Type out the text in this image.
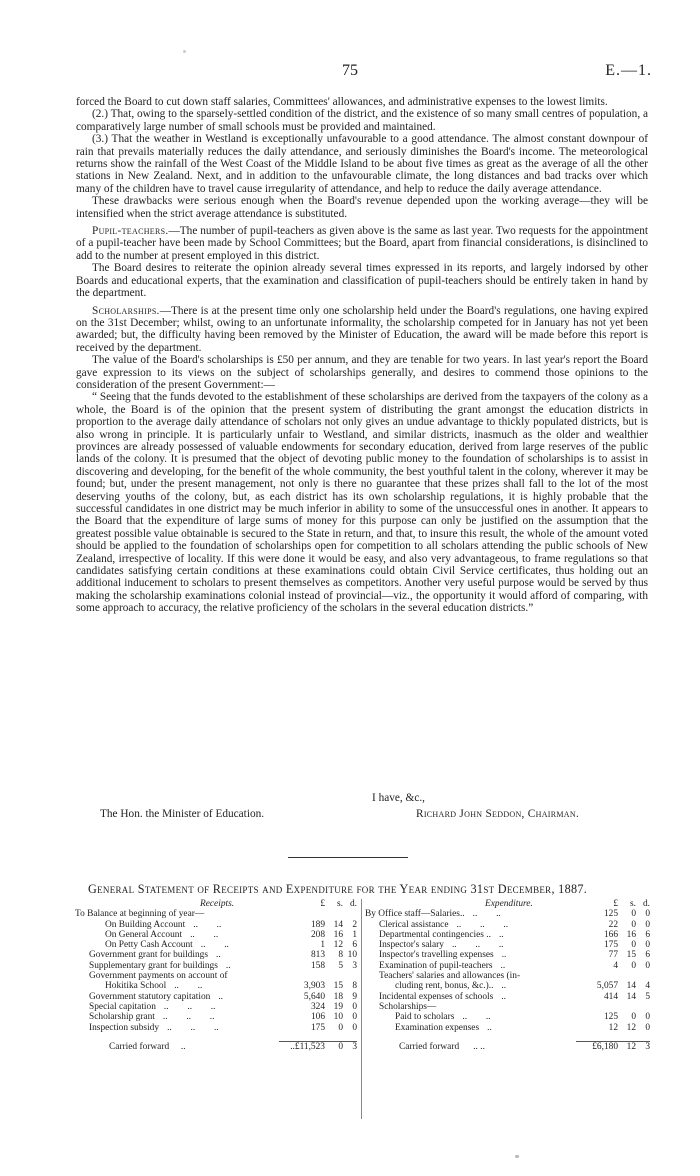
75	E.—1.

forced the Board to cut down staff salaries, Committees' allowances, and administrative expenses to the lowest limits.

(2.) That, owing to the sparsely-settled condition of the district, and the existence of so many small centres of population, a comparatively large number of small schools must be provided and maintained.

(3.) That the weather in Westland is exceptionally unfavourable to a good attendance. The almost constant downpour of rain that prevails materially reduces the daily attendance, and seriously diminishes the Board's income. The meteorological returns show the rainfall of the West Coast of the Middle Island to be about five times as great as the average of all the other stations in New Zealand. Next, and in addition to the unfavourable climate, the long distances and bad tracks over which many of the children have to travel cause irregularity of attendance, and help to reduce the daily average attendance.

These drawbacks were serious enough when the Board's revenue depended upon the working average—they will be intensified when the strict average attendance is substituted.

Pupil-teachers.—The number of pupil-teachers as given above is the same as last year. Two requests for the appointment of a pupil-teacher have been made by School Committees; but the Board, apart from financial considerations, is disinclined to add to the number at present employed in this district.

The Board desires to reiterate the opinion already several times expressed in its reports, and largely indorsed by other Boards and educational experts, that the examination and classification of pupil-teachers should be entirely taken in hand by the department.

Scholarships.—There is at the present time only one scholarship held under the Board's regulations, one having expired on the 31st December; whilst, owing to an unfortunate informality, the scholarship competed for in January has not yet been awarded; but, the difficulty having been removed by the Minister of Education, the award will be made before this report is received by the department.

The value of the Board's scholarships is £50 per annum, and they are tenable for two years. In last year's report the Board gave expression to its views on the subject of scholarships generally, and desires to commend those opinions to the consideration of the present Government:—

“ Seeing that the funds devoted to the establishment of these scholarships are derived from the taxpayers of the colony as a whole, the Board is of the opinion that the present system of distributing the grant amongst the education districts in proportion to the average daily attendance of scholars not only gives an undue advantage to thickly populated districts, but is also wrong in principle. It is particularly unfair to Westland, and similar districts, inasmuch as the older and wealthier provinces are already possessed of valuable endowments for secondary education, derived from large reserves of the public lands of the colony. It is presumed that the object of devoting public money to the foundation of scholarships is to assist in discovering and developing, for the benefit of the whole community, the best youthful talent in the colony, wherever it may be found; but, under the present management, not only is there no guarantee that these prizes shall fall to the lot of the most deserving youths of the colony, but, as each district has its own scholarship regulations, it is highly probable that the successful candidates in one district may be much inferior in ability to some of the unsuccessful ones in another. It appears to the Board that the expenditure of large sums of money for this purpose can only be justified on the assumption that the greatest possible value obtainable is secured to the State in return, and that, to insure this result, the whole of the amount voted should be applied to the foundation of scholarships open for competition to all scholars attending the public schools of New Zealand, irrespective of locality. If this were done it would be easy, and also very advantageous, to frame regulations so that candidates satisfying certain conditions at these examinations could obtain Civil Service certificates, thus holding out an additional inducement to scholars to present themselves as competitors. Another very useful purpose would be served by thus making the scholarship examinations colonial instead of provincial—viz., the opportunity it would afford of comparing, with some approach to accuracy, the relative proficiency of the scholars in the several education districts.”

I have, &c.,
The Hon. the Minister of Education.	Richard John Seddon, Chairman.
General Statement of Receipts and Expenditure for the Year ending 31st December, 1887.
Receipts.	£	s. d.
To Balance at beginning of year—
On Building Account ..        ..	189 14 2
On General Account ..        ..	208 16 1
On Petty Cash Account ..        ..	1 12 6
Government grant for buildings ..	813	8 10
Supplementary grant for buildings ..	158	5 3
Government payments on account of
Hokitika School ..        ..	3,903 15 8
Government statutory capitation ..	5,640 18 9
Special capitation ..        ..        ..	324 19 0
Scholarship grant ..        ..        ..	106 10 0
Inspection subsidy ..        ..        ..	175	0 0
Carried forward ..	..£11,523	0 3
Expenditure.	£	s. d.
By Office staff—Salaries.. ..        ..	125	0 0
Clerical assistance ..        ..        ..	22	0 0
Departmental contingencies .. ..	166 16 6
Inspector's salary ..        ..        ..	175	0 0
Inspector's travelling expenses ..	77 15 6
Examination of pupil-teachers ..	4	0 0
Teachers' salaries and allowances (in-
cluding rent, bonus, &c.).. ..	5,057 14 4
Incidental expenses of schools ..	414 14 5
Scholarships—
Paid to scholars ..        ..	125	0 0
Examination expenses ..	12 12 0
Carried forward .. ..	£6,180 12 3
